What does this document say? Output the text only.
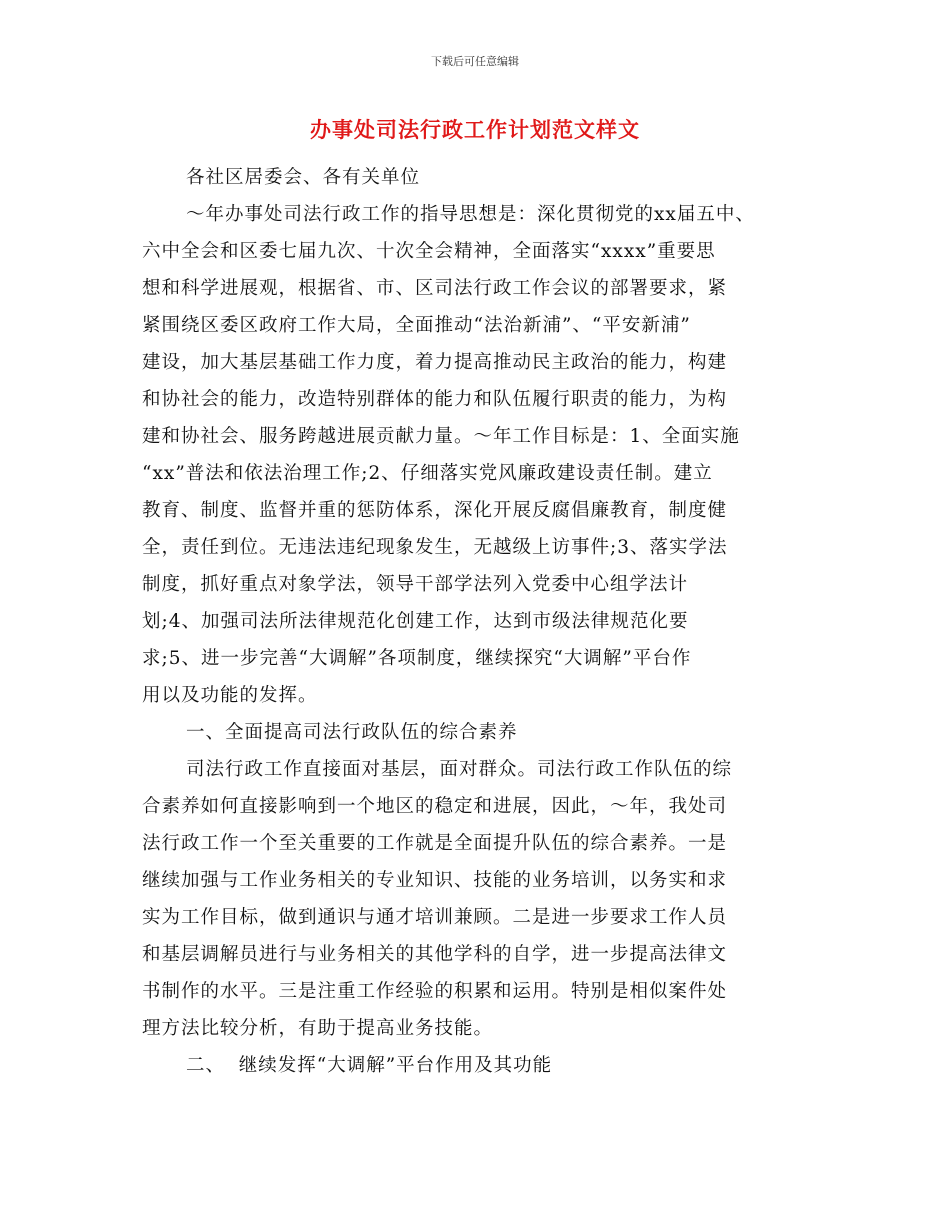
下载后可任意编辑
办事处司法行政工作计划范文样文
各社区居委会、各有关单位
～年办事处司法行政工作的指导思想是：深化贯彻党的xx届五中、
六中全会和区委七届九次、十次全会精神，全面落实“xxxx”重要思
想和科学进展观，根据省、市、区司法行政工作会议的部署要求，紧
紧围绕区委区政府工作大局，全面推动“法治新浦”、“平安新浦”
建设，加大基层基础工作力度，着力提高推动民主政治的能力，构建
和协社会的能力，改造特别群体的能力和队伍履行职责的能力，为构
建和协社会、服务跨越进展贡献力量。～年工作目标是：1、全面实施
“xx”普法和依法治理工作;2、仔细落实党风廉政建设责任制。建立
教育、制度、监督并重的惩防体系，深化开展反腐倡廉教育，制度健
全，责任到位。无违法违纪现象发生，无越级上访事件;3、落实学法
制度，抓好重点对象学法，领导干部学法列入党委中心组学法计
划;4、加强司法所法律规范化创建工作，达到市级法律规范化要
求;5、进一步完善“大调解”各项制度，继续探究“大调解”平台作
用以及功能的发挥。
一、全面提高司法行政队伍的综合素养
司法行政工作直接面对基层，面对群众。司法行政工作队伍的综
合素养如何直接影响到一个地区的稳定和进展，因此，～年，我处司
法行政工作一个至关重要的工作就是全面提升队伍的综合素养。一是
继续加强与工作业务相关的专业知识、技能的业务培训，以务实和求
实为工作目标，做到通识与通才培训兼顾。二是进一步要求工作人员
和基层调解员进行与业务相关的其他学科的自学，进一步提高法律文
书制作的水平。三是注重工作经验的积累和运用。特别是相似案件处
理方法比较分析，有助于提高业务技能。
二、  继续发挥“大调解”平台作用及其功能
